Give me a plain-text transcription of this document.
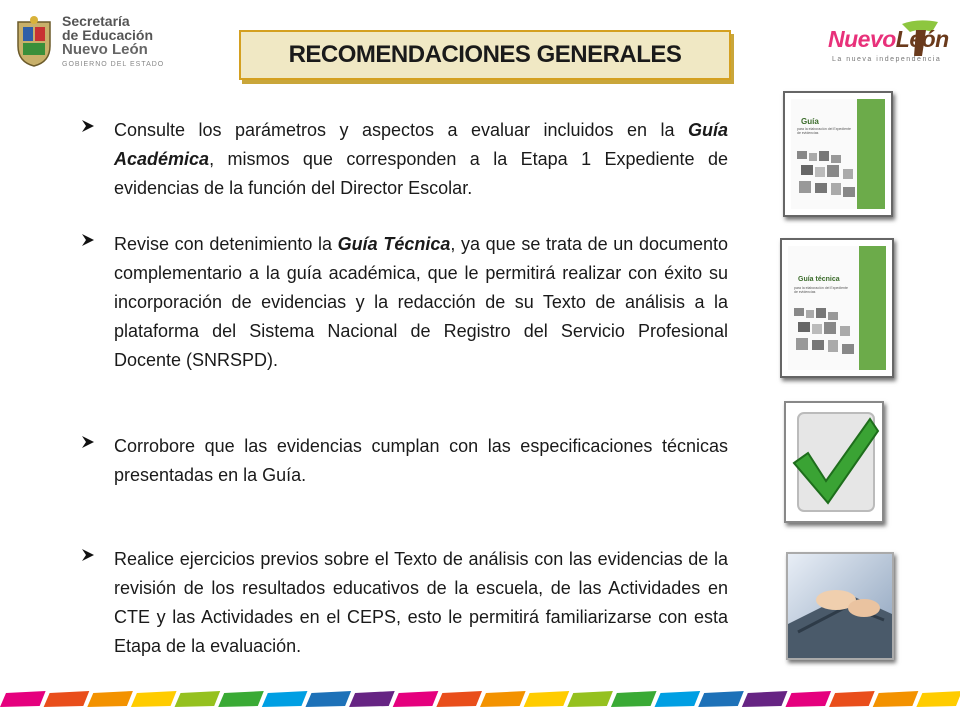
Secretaría
de Educación
Nuevo León
GOBIERNO DEL ESTADO
NuevoLeón
La nueva independencia
RECOMENDACIONES GENERALES
Consulte los parámetros y aspectos a evaluar incluidos en la Guía Académica, mismos que corresponden a la Etapa 1 Expediente de evidencias de la función del Director Escolar.
Revise con detenimiento la Guía Técnica, ya que se trata de un documento complementario a la guía académica, que le permitirá realizar con éxito su incorporación de evidencias y la redacción de su Texto de análisis a la plataforma del Sistema Nacional de Registro del Servicio Profesional Docente (SNRSPD).
Corrobore que las evidencias cumplan con las especificaciones técnicas presentadas en la Guía.
Realice ejercicios previos sobre el Texto de análisis con las evidencias de la revisión de los resultados educativos de la escuela, de las Actividades en CTE y las Actividades en el CEPS, esto le permitirá familiarizarse con esta Etapa de la evaluación.
Guía
para la elaboración del Expediente de evidencias
Guía técnica
para la elaboración del Expediente de evidencias
